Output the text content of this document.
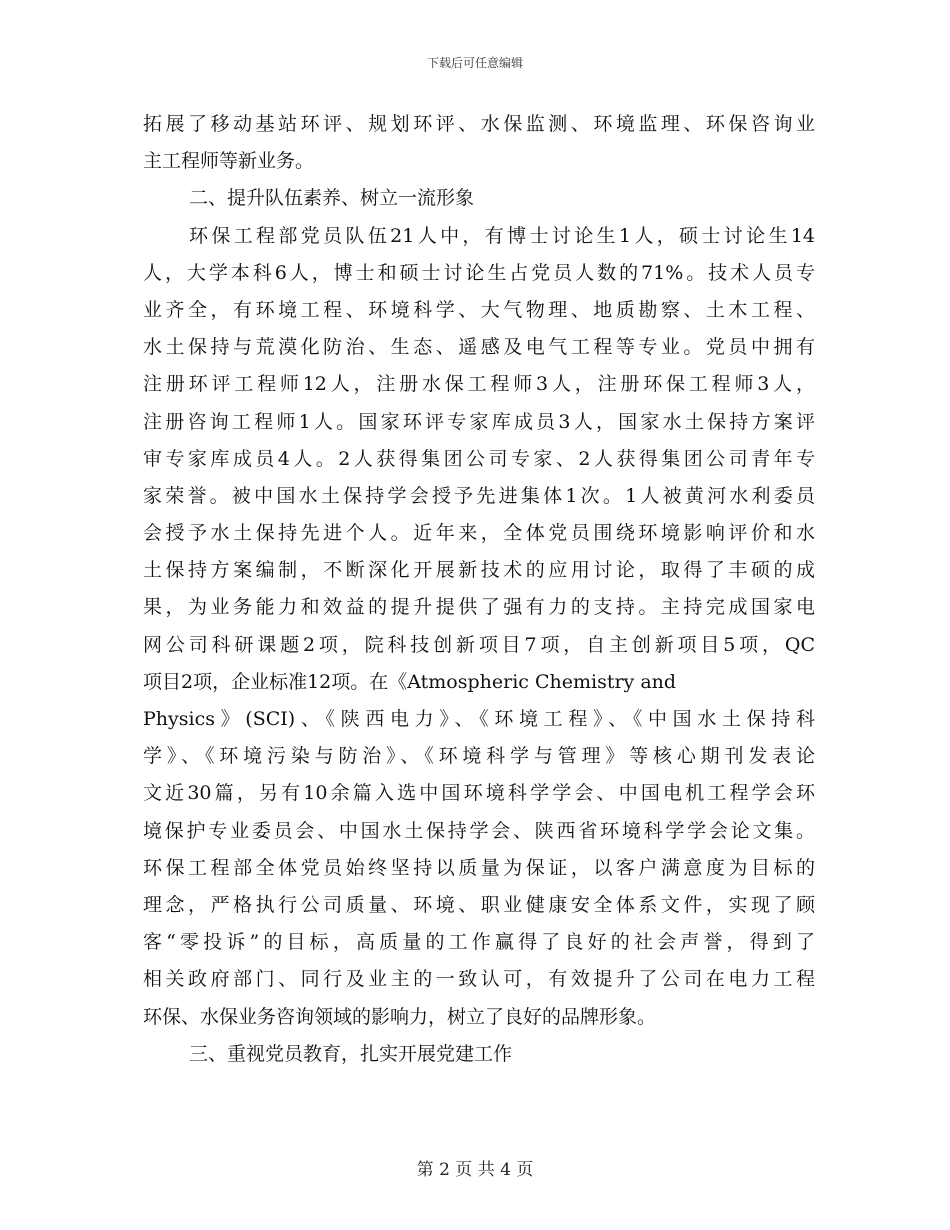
下载后可任意编辑
拓展了移动基站环评、规划环评、水保监测、环境监理、环保咨询业
主工程师等新业务。
二、提升队伍素养、树立一流形象
环保工程部党员队伍21人中，有博士讨论生1人，硕士讨论生14
人，大学本科6人，博士和硕士讨论生占党员人数的71%。技术人员专
业齐全，有环境工程、环境科学、大气物理、地质勘察、土木工程、
水土保持与荒漠化防治、生态、遥感及电气工程等专业。党员中拥有
注册环评工程师12人，注册水保工程师3人，注册环保工程师3人，
注册咨询工程师1人。国家环评专家库成员3人，国家水土保持方案评
审专家库成员4人。2人获得集团公司专家、2人获得集团公司青年专
家荣誉。被中国水土保持学会授予先进集体1次。1人被黄河水利委员
会授予水土保持先进个人。近年来，全体党员围绕环境影响评价和水
土保持方案编制，不断深化开展新技术的应用讨论，取得了丰硕的成
果，为业务能力和效益的提升提供了强有力的支持。主持完成国家电
网公司科研课题2项，院科技创新项目7项，自主创新项目5项，QC
项目2项，企业标准12项。在《Atmospheric Chemistry and
Physics》(SCI)、《陕西电力》、《环境工程》、《中国水土保持科
学》、《环境污染与防治》、《环境科学与管理》等核心期刊发表论
文近30篇，另有10余篇入选中国环境科学学会、中国电机工程学会环
境保护专业委员会、中国水土保持学会、陕西省环境科学学会论文集。
环保工程部全体党员始终坚持以质量为保证，以客户满意度为目标的
理念，严格执行公司质量、环境、职业健康安全体系文件，实现了顾
客“零投诉”的目标，高质量的工作赢得了良好的社会声誉，得到了
相关政府部门、同行及业主的一致认可，有效提升了公司在电力工程
环保、水保业务咨询领域的影响力，树立了良好的品牌形象。
三、重视党员教育，扎实开展党建工作
第 2 页 共 4 页
